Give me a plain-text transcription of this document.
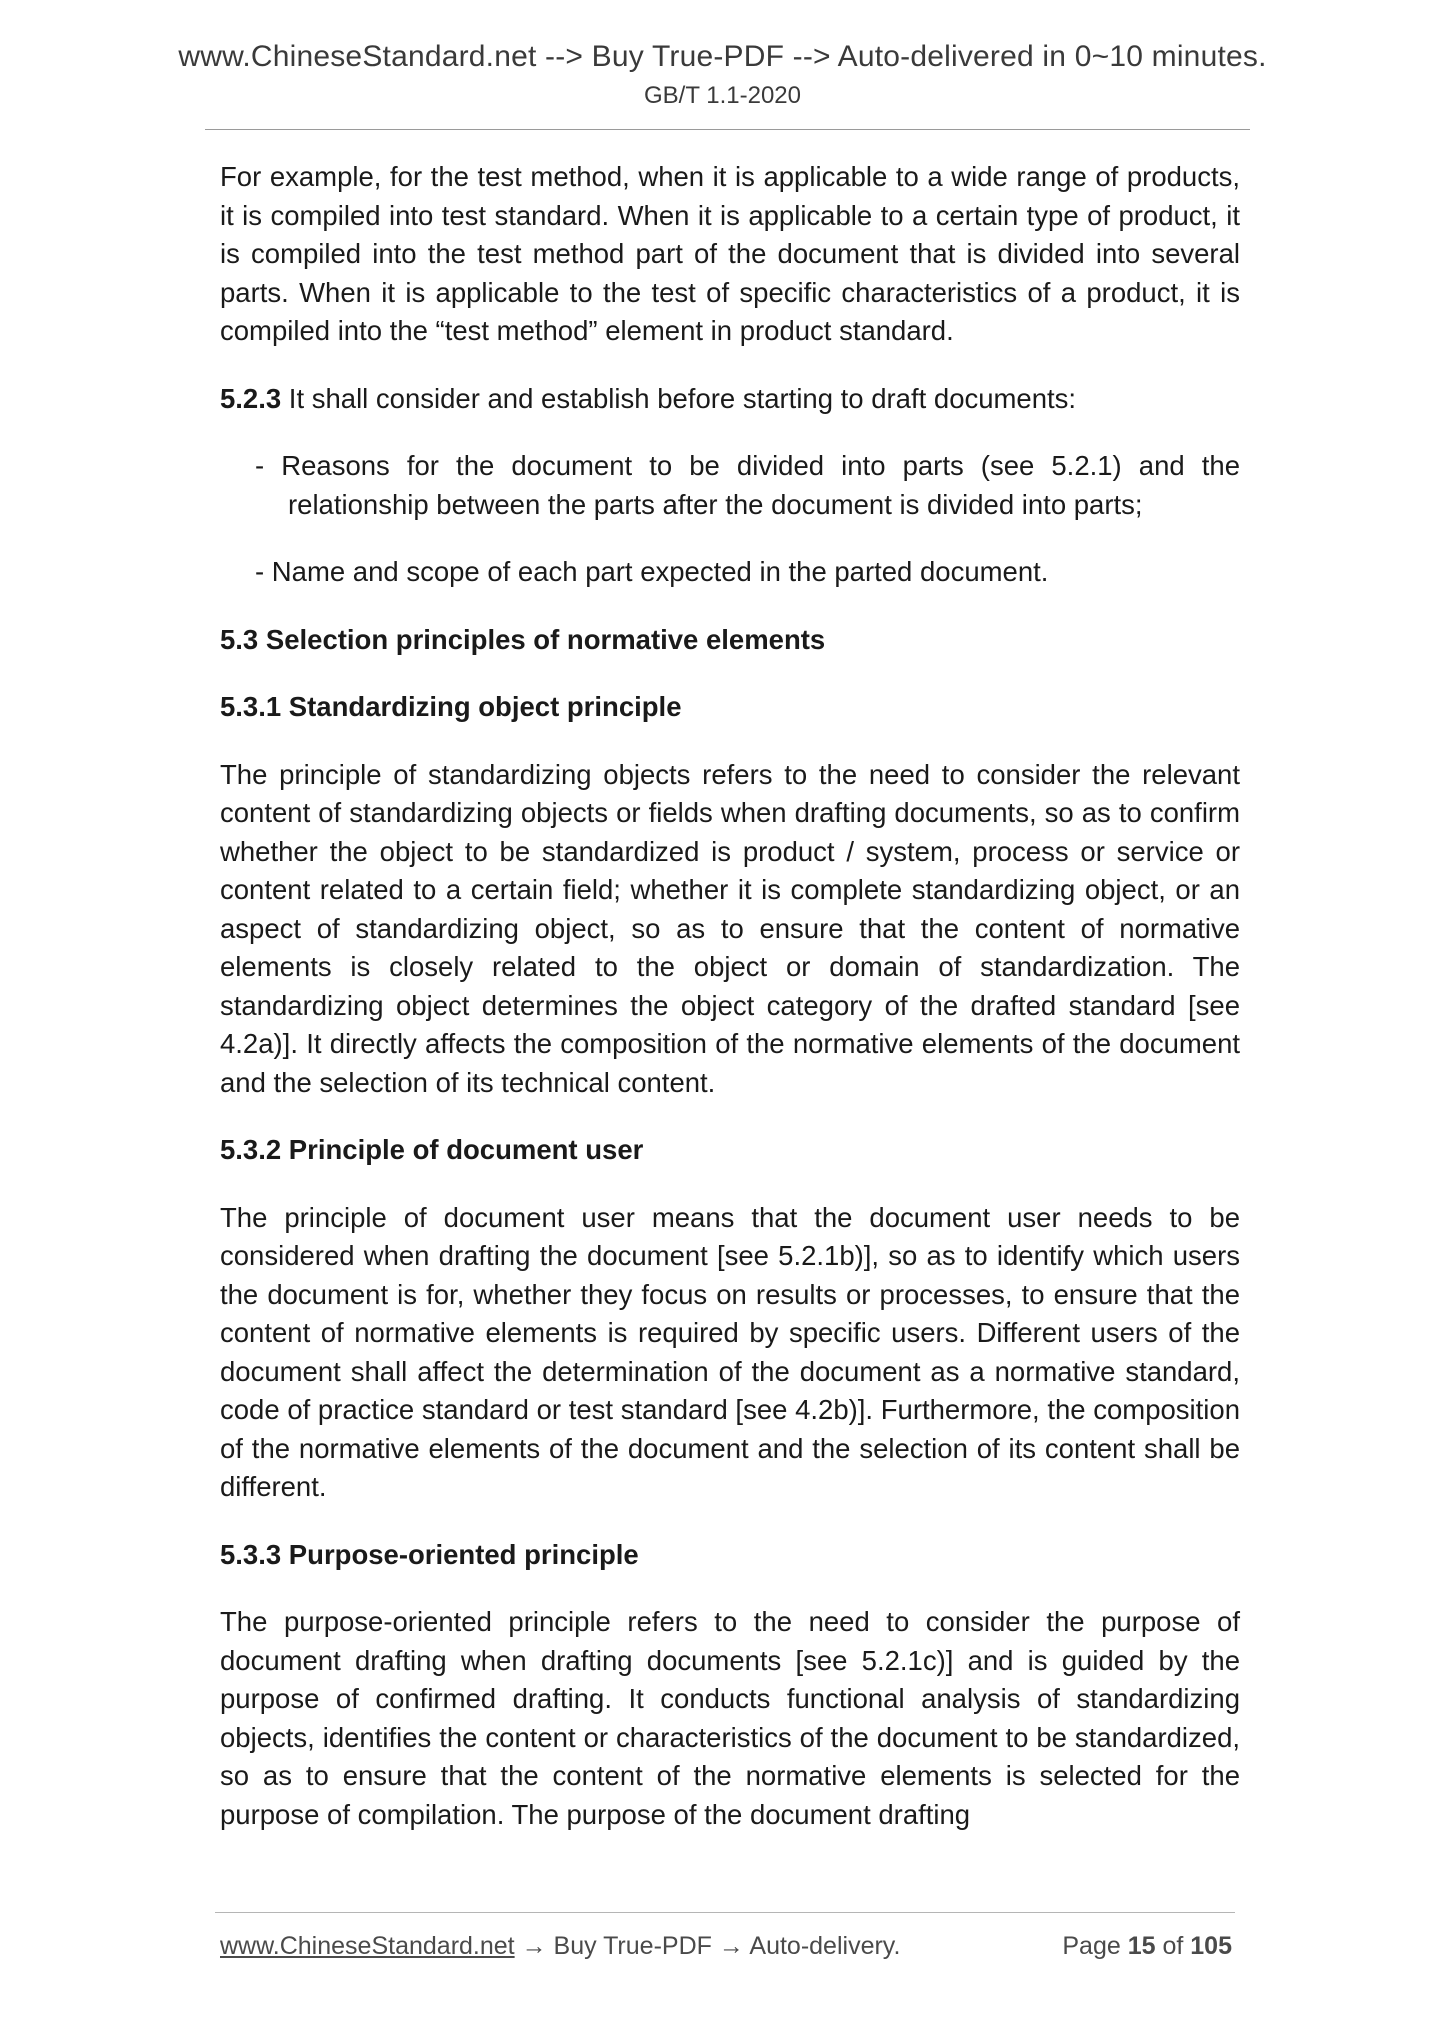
www.ChineseStandard.net --> Buy True-PDF --> Auto-delivered in 0~10 minutes.
GB/T 1.1-2020

For example, for the test method, when it is applicable to a wide range of products, it is compiled into test standard. When it is applicable to a certain type of product, it is compiled into the test method part of the document that is divided into several parts. When it is applicable to the test of specific characteristics of a product, it is compiled into the “test method” element in product standard.

5.2.3 It shall consider and establish before starting to draft documents:

- Reasons for the document to be divided into parts (see 5.2.1) and the relationship between the parts after the document is divided into parts;

- Name and scope of each part expected in the parted document.

5.3 Selection principles of normative elements

5.3.1 Standardizing object principle

The principle of standardizing objects refers to the need to consider the relevant content of standardizing objects or fields when drafting documents, so as to confirm whether the object to be standardized is product / system, process or service or content related to a certain field; whether it is complete standardizing object, or an aspect of standardizing object, so as to ensure that the content of normative elements is closely related to the object or domain of standardization. The standardizing object determines the object category of the drafted standard [see 4.2a)]. It directly affects the composition of the normative elements of the document and the selection of its technical content.

5.3.2 Principle of document user

The principle of document user means that the document user needs to be considered when drafting the document [see 5.2.1b)], so as to identify which users the document is for, whether they focus on results or processes, to ensure that the content of normative elements is required by specific users. Different users of the document shall affect the determination of the document as a normative standard, code of practice standard or test standard [see 4.2b)]. Furthermore, the composition of the normative elements of the document and the selection of its content shall be different.

5.3.3 Purpose-oriented principle

The purpose-oriented principle refers to the need to consider the purpose of document drafting when drafting documents [see 5.2.1c)] and is guided by the purpose of confirmed drafting. It conducts functional analysis of standardizing objects, identifies the content or characteristics of the document to be standardized, so as to ensure that the content of the normative elements is selected for the purpose of compilation. The purpose of the document drafting

www.ChineseStandard.net → Buy True-PDF → Auto-delivery.	Page 15 of 105
